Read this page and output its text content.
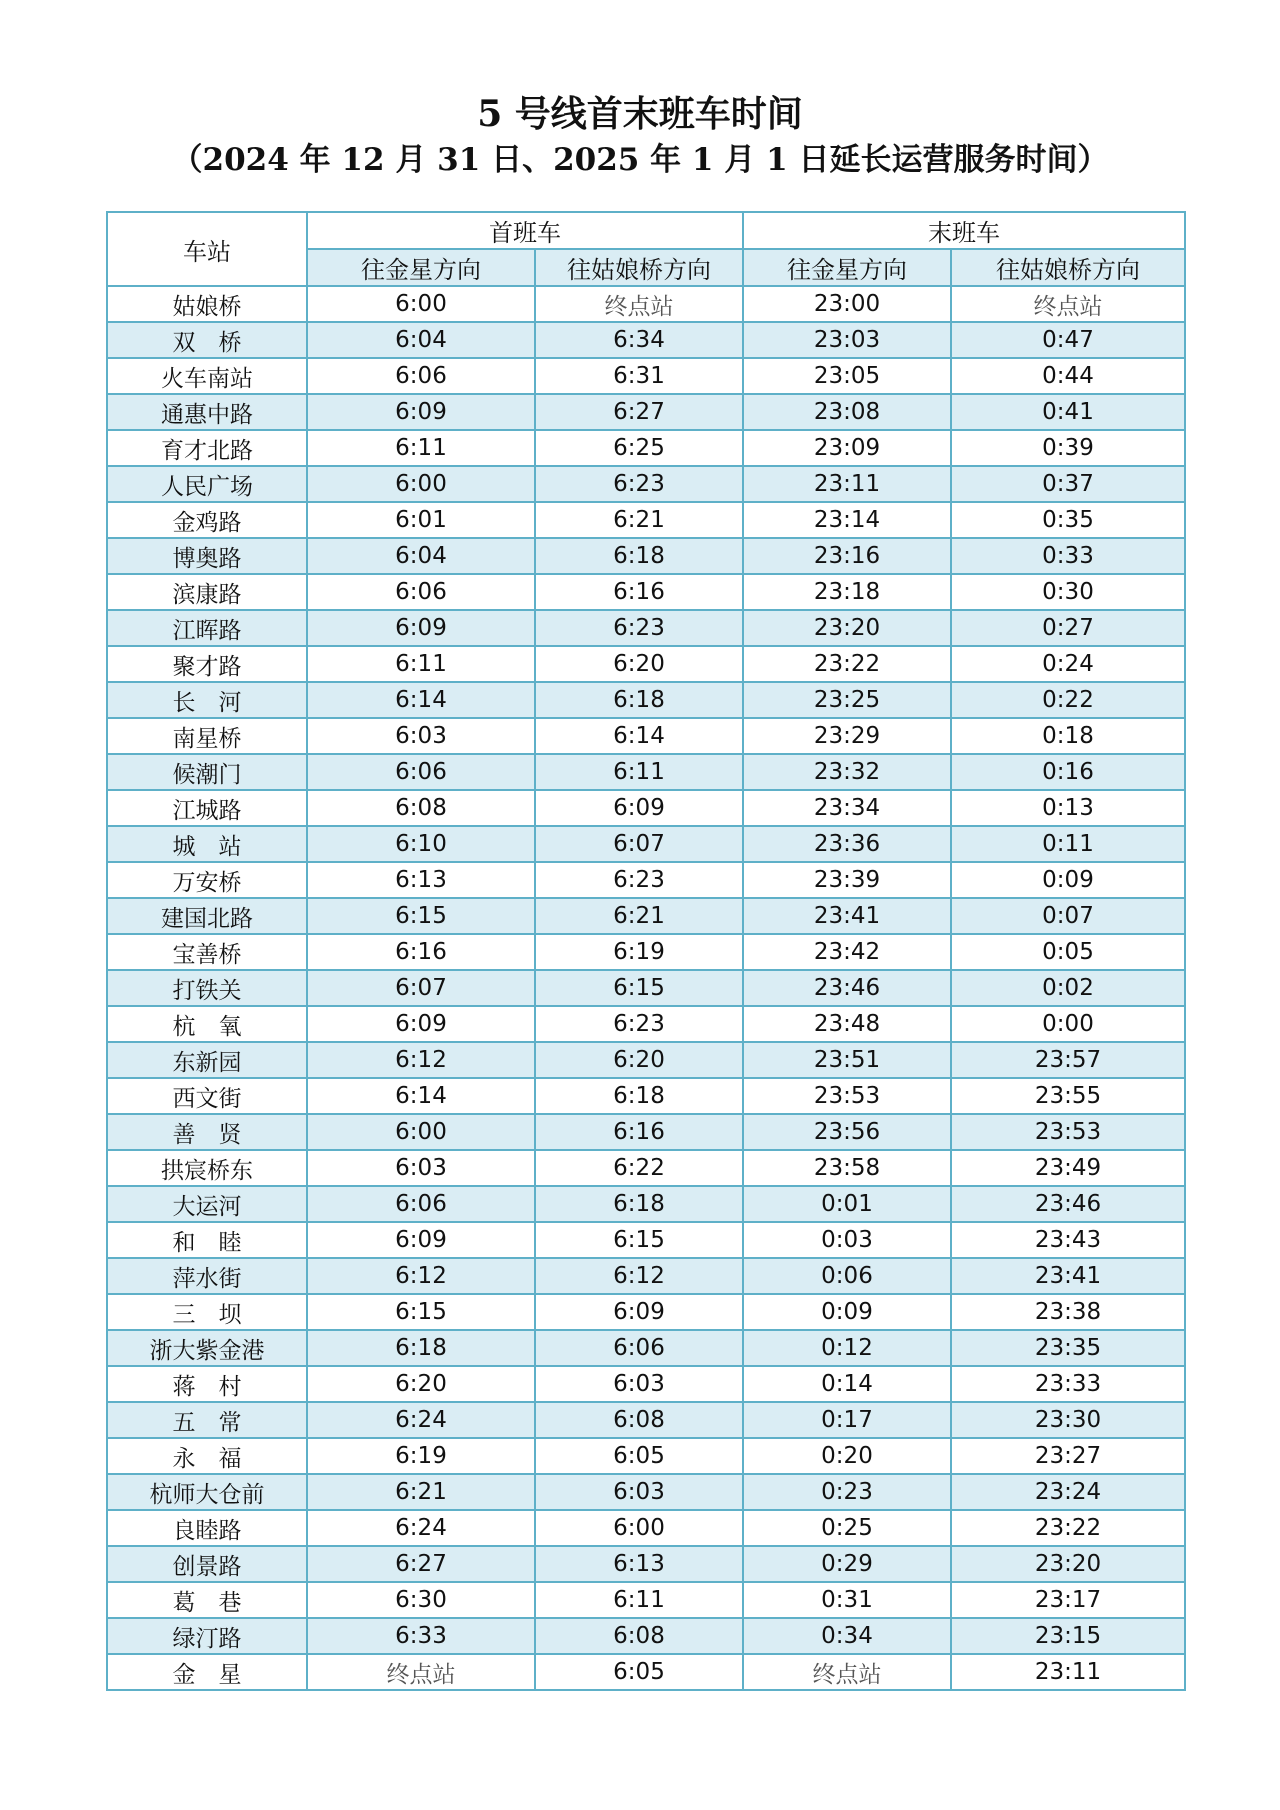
5 号线首末班车时间
（2024 年 12 月 31 日、2025 年 1 月 1 日延长运营服务时间）
车站	首班车		末班车	
	往金星方向	往姑娘桥方向	往金星方向	往姑娘桥方向
姑娘桥	6:00	终点站	23:00	终点站
双　桥	6:04	6:34	23:03	0:47
火车南站	6:06	6:31	23:05	0:44
通惠中路	6:09	6:27	23:08	0:41
育才北路	6:11	6:25	23:09	0:39
人民广场	6:00	6:23	23:11	0:37
金鸡路	6:01	6:21	23:14	0:35
博奥路	6:04	6:18	23:16	0:33
滨康路	6:06	6:16	23:18	0:30
江晖路	6:09	6:23	23:20	0:27
聚才路	6:11	6:20	23:22	0:24
长　河	6:14	6:18	23:25	0:22
南星桥	6:03	6:14	23:29	0:18
候潮门	6:06	6:11	23:32	0:16
江城路	6:08	6:09	23:34	0:13
城　站	6:10	6:07	23:36	0:11
万安桥	6:13	6:23	23:39	0:09
建国北路	6:15	6:21	23:41	0:07
宝善桥	6:16	6:19	23:42	0:05
打铁关	6:07	6:15	23:46	0:02
杭　氧	6:09	6:23	23:48	0:00
东新园	6:12	6:20	23:51	23:57
西文街	6:14	6:18	23:53	23:55
善　贤	6:00	6:16	23:56	23:53
拱宸桥东	6:03	6:22	23:58	23:49
大运河	6:06	6:18	0:01	23:46
和　睦	6:09	6:15	0:03	23:43
萍水街	6:12	6:12	0:06	23:41
三　坝	6:15	6:09	0:09	23:38
浙大紫金港	6:18	6:06	0:12	23:35
蒋　村	6:20	6:03	0:14	23:33
五　常	6:24	6:08	0:17	23:30
永　福	6:19	6:05	0:20	23:27
杭师大仓前	6:21	6:03	0:23	23:24
良睦路	6:24	6:00	0:25	23:22
创景路	6:27	6:13	0:29	23:20
葛　巷	6:30	6:11	0:31	23:17
绿汀路	6:33	6:08	0:34	23:15
金　星	终点站	6:05	终点站	23:11
